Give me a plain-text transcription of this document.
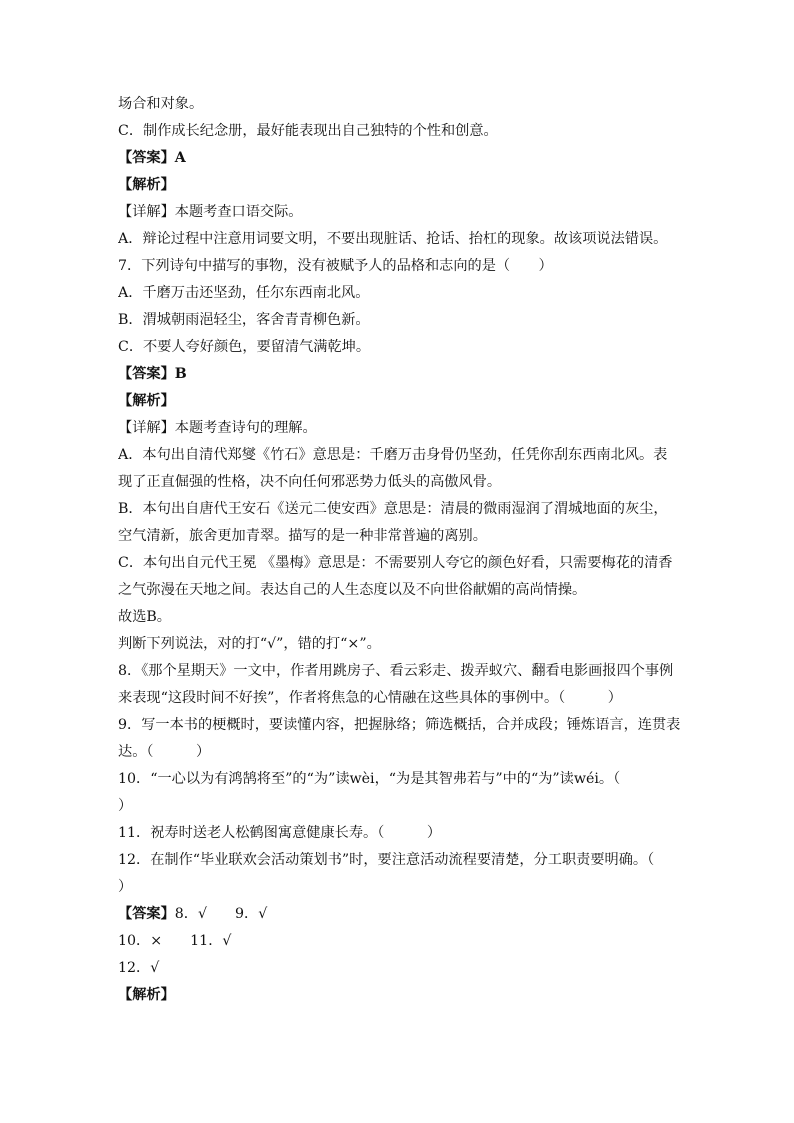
场合和对象。
C．制作成长纪念册，最好能表现出自己独特的个性和创意。
【答案】A
【解析】
【详解】本题考查口语交际。
A．辩论过程中注意用词要文明，不要出现脏话、抢话、抬杠的现象。故该项说法错误。
7．下列诗句中描写的事物，没有被赋予人的品格和志向的是（　　）
A．千磨万击还坚劲，任尔东西南北风。
B．渭城朝雨浥轻尘，客舍青青柳色新。
C．不要人夸好颜色，要留清气满乾坤。
【答案】B
【解析】
【详解】本题考查诗句的理解。
A．本句出自清代郑燮《竹石》意思是：千磨万击身骨仍坚劲，任凭你刮东西南北风。表
现了正直倔强的性格，决不向任何邪恶势力低头的高傲风骨。
B．本句出自唐代王安石《送元二使安西》意思是：清晨的微雨湿润了渭城地面的灰尘，
空气清新，旅舍更加青翠。描写的是一种非常普遍的离别。
C．本句出自元代王冕 《墨梅》意思是：不需要别人夸它的颜色好看，只需要梅花的清香
之气弥漫在天地之间。表达自己的人生态度以及不向世俗献媚的高尚情操。
故选B。
判断下列说法，对的打“√”，错的打“×”。
8．《那个星期天》一文中，作者用跳房子、看云彩走、拨弄蚁穴、翻看电影画报四个事例
来表现“这段时间不好挨”，作者将焦急的心情融在这些具体的事例中。（　　　）
9．写一本书的梗概时，要读懂内容，把握脉络；筛选概括，合并成段；锤炼语言，连贯表
达。（　　　）
10．“一心以为有鸿鹄将至”的“为”读wèi，“为是其智弗若与”中的“为”读wéi。（
）
11．祝寿时送老人松鹤图寓意健康长寿。（　　　）
12．在制作“毕业联欢会活动策划书”时，要注意活动流程要清楚，分工职责要明确。（
）
【答案】8．√ 9．√
10．× 11．√
12．√
【解析】
